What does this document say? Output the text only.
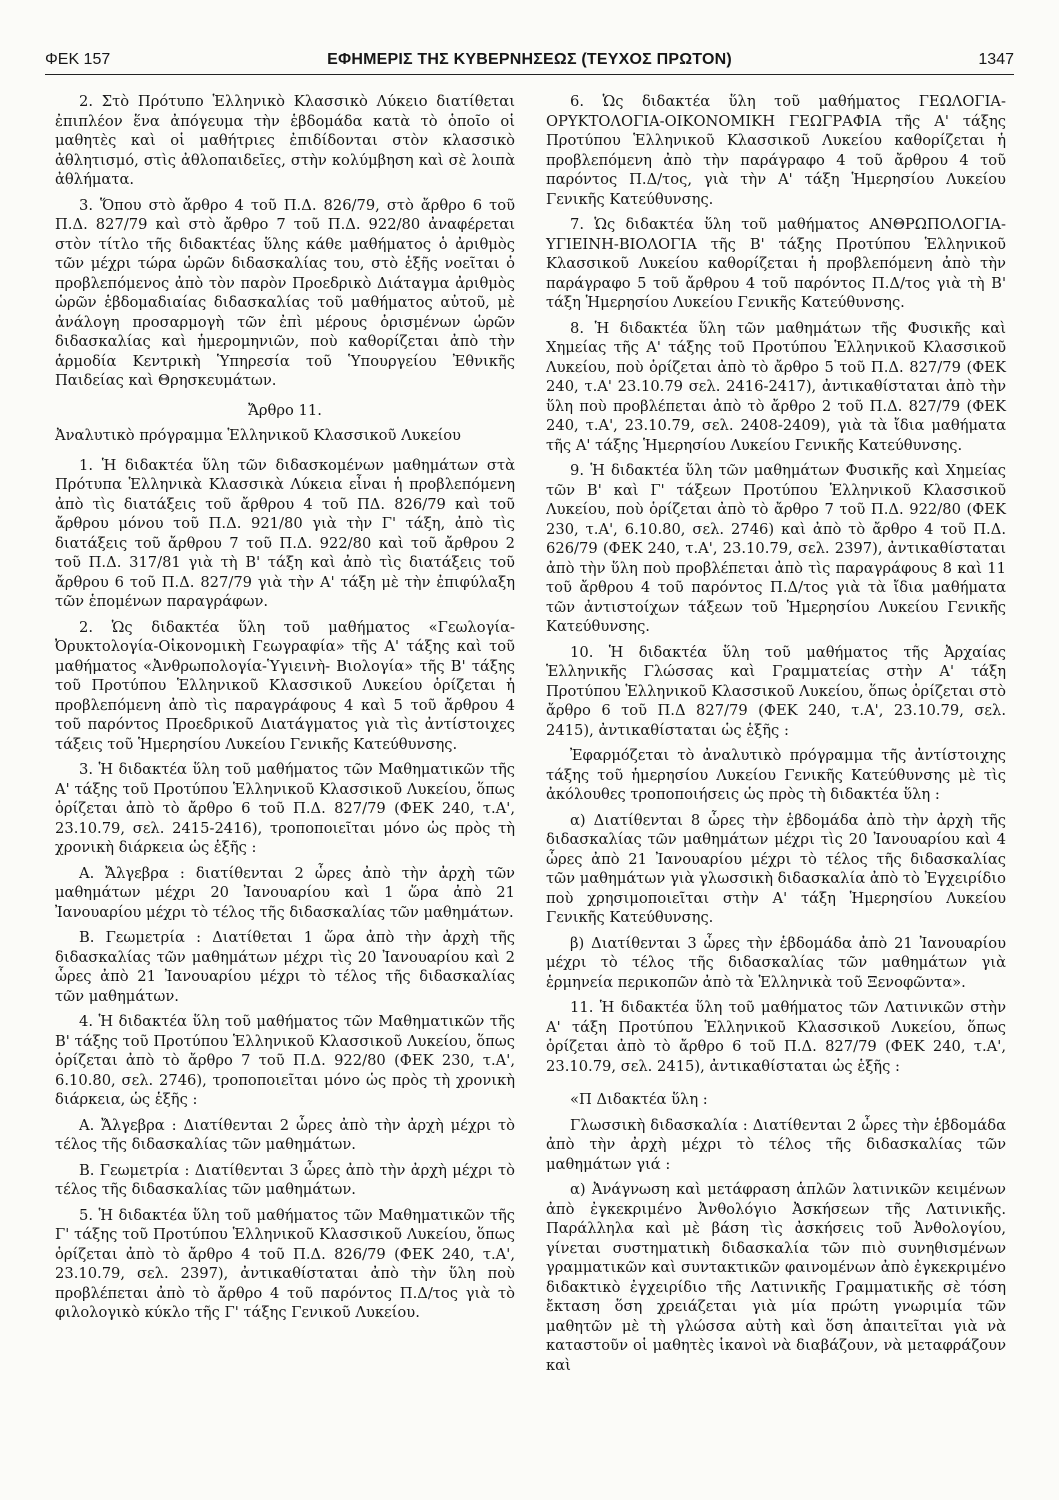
ΦΕΚ 157	ΕΦΗΜΕΡΙΣ ΤΗΣ ΚΥΒΕΡΝΗΣΕΩΣ (ΤΕΥΧΟΣ ΠΡΩΤΟΝ)	1347

2. Στὸ Πρότυπο Ἑλληνικὸ Κλασσικὸ Λύκειο διατίθεται ἐπιπλέον ἕνα ἀπόγευμα τὴν ἑβδομάδα κατὰ τὸ ὁποῖο οἱ μαθητὲς καὶ οἱ μαθήτριες ἐπιδίδονται στὸν κλασσικὸ ἀθλητισμό, στὶς ἀθλοπαιδεῖες, στὴν κολύμβηση καὶ σὲ λοιπὰ ἀθλήματα.

3. Ὅπου στὸ ἄρθρο 4 τοῦ Π.Δ. 826/79, στὸ ἄρθρο 6 τοῦ Π.Δ. 827/79 καὶ στὸ ἄρθρο 7 τοῦ Π.Δ. 922/80 ἀναφέρεται στὸν τίτλο τῆς διδακτέας ὕλης κάθε μαθήματος ὁ ἀριθμὸς τῶν μέχρι τώρα ὡρῶν διδασκαλίας του, στὸ ἑξῆς νοεῖται ὁ προβλεπόμενος ἀπὸ τὸν παρὸν Προεδρικὸ Διάταγμα ἀριθμὸς ὡρῶν ἑβδομαδιαίας διδασκαλίας τοῦ μαθήματος αὐτοῦ, μὲ ἀνάλογη προσαρμογὴ τῶν ἐπὶ μέρους ὁρισμένων ὡρῶν διδασκαλίας καὶ ἡμερομηνιῶν, ποὺ καθορίζεται ἀπὸ τὴν ἁρμοδία Κεντρικὴ Ὑπηρεσία τοῦ Ὑπουργείου Ἐθνικῆς Παιδείας καὶ Θρησκευμάτων.

Ἄρθρο 11.

Ἀναλυτικὸ πρόγραμμα Ἑλληνικοῦ Κλασσικοῦ Λυκείου

1. Ἡ διδακτέα ὕλη τῶν διδασκομένων μαθημάτων στὰ Πρότυπα Ἑλληνικὰ Κλασσικὰ Λύκεια εἶναι ἡ προβλεπόμενη ἀπὸ τὶς διατάξεις τοῦ ἄρθρου 4 τοῦ ΠΔ. 826/79 καὶ τοῦ ἄρθρου μόνου τοῦ Π.Δ. 921/80 γιὰ τὴν Γ' τάξη, ἀπὸ τὶς διατάξεις τοῦ ἄρθρου 7 τοῦ Π.Δ. 922/80 καὶ τοῦ ἄρθρου 2 τοῦ Π.Δ. 317/81 γιὰ τὴ Β' τάξη καὶ ἀπὸ τὶς διατάξεις τοῦ ἄρθρου 6 τοῦ Π.Δ. 827/79 γιὰ τὴν Α' τάξη μὲ τὴν ἐπιφύλαξη τῶν ἑπομένων παραγράφων.

2. Ὡς διδακτέα ὕλη τοῦ μαθήματος «Γεωλογία-Ὀρυκτολογία-Οἰκονομικὴ Γεωγραφία» τῆς Α' τάξης καὶ τοῦ μαθήματος «Ἀνθρωπολογία-Ὑγιεινὴ- Βιολογία» τῆς Β' τάξης τοῦ Προτύπου Ἑλληνικοῦ Κλασσικοῦ Λυκείου ὁρίζεται ἡ προβλεπόμενη ἀπὸ τὶς παραγράφους 4 καὶ 5 τοῦ ἄρθρου 4 τοῦ παρόντος Προεδρικοῦ Διατάγματος γιὰ τὶς ἀντίστοιχες τάξεις τοῦ Ἡμερησίου Λυκείου Γενικῆς Κατεύθυνσης.

3. Ἡ διδακτέα ὕλη τοῦ μαθήματος τῶν Μαθηματικῶν τῆς Α' τάξης τοῦ Προτύπου Ἑλληνικοῦ Κλασσικοῦ Λυκείου, ὅπως ὁρίζεται ἀπὸ τὸ ἄρθρο 6 τοῦ Π.Δ. 827/79 (ΦΕΚ 240, τ.Α', 23.10.79, σελ. 2415-2416), τροποποιεῖται μόνο ὡς πρὸς τὴ χρονικὴ διάρκεια ὡς ἑξῆς :

Α. Ἄλγεβρα : διατίθενται 2 ὧρες ἀπὸ τὴν ἀρχὴ τῶν μαθημάτων μέχρι 20 Ἰανουαρίου καὶ 1 ὥρα ἀπὸ 21 Ἰανουαρίου μέχρι τὸ τέλος τῆς διδασκαλίας τῶν μαθημάτων.

Β. Γεωμετρία : Διατίθεται 1 ὥρα ἀπὸ τὴν ἀρχὴ τῆς διδασκαλίας τῶν μαθημάτων μέχρι τὶς 20 Ἰανουαρίου καὶ 2 ὧρες ἀπὸ 21 Ἰανουαρίου μέχρι τὸ τέλος τῆς διδασκαλίας τῶν μαθημάτων.

4. Ἡ διδακτέα ὕλη τοῦ μαθήματος τῶν Μαθηματικῶν τῆς Β' τάξης τοῦ Προτύπου Ἑλληνικοῦ Κλασσικοῦ Λυκείου, ὅπως ὁρίζεται ἀπὸ τὸ ἄρθρο 7 τοῦ Π.Δ. 922/80 (ΦΕΚ 230, τ.Α', 6.10.80, σελ. 2746), τροποποιεῖται μόνο ὡς πρὸς τὴ χρονικὴ διάρκεια, ὡς ἑξῆς :

Α. Ἄλγεβρα : Διατίθενται 2 ὧρες ἀπὸ τὴν ἀρχὴ μέχρι τὸ τέλος τῆς διδασκαλίας τῶν μαθημάτων.

Β. Γεωμετρία : Διατίθενται 3 ὧρες ἀπὸ τὴν ἀρχὴ μέχρι τὸ τέλος τῆς διδασκαλίας τῶν μαθημάτων.

5. Ἡ διδακτέα ὕλη τοῦ μαθήματος τῶν Μαθηματικῶν τῆς Γ' τάξης τοῦ Προτύπου Ἑλληνικοῦ Κλασσικοῦ Λυκείου, ὅπως ὁρίζεται ἀπὸ τὸ ἄρθρο 4 τοῦ Π.Δ. 826/79 (ΦΕΚ 240, τ.Α', 23.10.79, σελ. 2397), ἀντικαθίσταται ἀπὸ τὴν ὕλη ποὺ προβλέπεται ἀπὸ τὸ ἄρθρο 4 τοῦ παρόντος Π.Δ/τος γιὰ τὸ φιλολογικὸ κύκλο τῆς Γ' τάξης Γενικοῦ Λυκείου.

6. Ὡς διδακτέα ὕλη τοῦ μαθήματος ΓΕΩΛΟΓΙΑ-ΟΡΥΚΤΟΛΟΓΙΑ-ΟΙΚΟΝΟΜΙΚΗ ΓΕΩΓΡΑΦΙΑ τῆς Α' τάξης Προτύπου Ἑλληνικοῦ Κλασσικοῦ Λυκείου καθορίζεται ἡ προβλεπόμενη ἀπὸ τὴν παράγραφο 4 τοῦ ἄρθρου 4 τοῦ παρόντος Π.Δ/τος, γιὰ τὴν Α' τάξη Ἡμερησίου Λυκείου Γενικῆς Κατεύθυνσης.

7. Ὡς διδακτέα ὕλη τοῦ μαθήματος ΑΝΘΡΩΠΟΛΟΓΙΑ-ΥΓΙΕΙΝΗ-ΒΙΟΛΟΓΙΑ τῆς Β' τάξης Προτύπου Ἑλληνικοῦ Κλασσικοῦ Λυκείου καθορίζεται ἡ προβλεπόμενη ἀπὸ τὴν παράγραφο 5 τοῦ ἄρθρου 4 τοῦ παρόντος Π.Δ/τος γιὰ τὴ Β' τάξη Ἡμερησίου Λυκείου Γενικῆς Κατεύθυνσης.

8. Ἡ διδακτέα ὕλη τῶν μαθημάτων τῆς Φυσικῆς καὶ Χημείας τῆς Α' τάξης τοῦ Προτύπου Ἑλληνικοῦ Κλασσικοῦ Λυκείου, ποὺ ὁρίζεται ἀπὸ τὸ ἄρθρο 5 τοῦ Π.Δ. 827/79 (ΦΕΚ 240, τ.Α' 23.10.79 σελ. 2416-2417), ἀντικαθίσταται ἀπὸ τὴν ὕλη ποὺ προβλέπεται ἀπὸ τὸ ἄρθρο 2 τοῦ Π.Δ. 827/79 (ΦΕΚ 240, τ.Α', 23.10.79, σελ. 2408-2409), γιὰ τὰ ἴδια μαθήματα τῆς Α' τάξης Ἡμερησίου Λυκείου Γενικῆς Κατεύθυνσης.

9. Ἡ διδακτέα ὕλη τῶν μαθημάτων Φυσικῆς καὶ Χημείας τῶν Β' καὶ Γ' τάξεων Προτύπου Ἑλληνικοῦ Κλασσικοῦ Λυκείου, ποὺ ὁρίζεται ἀπὸ τὸ ἄρθρο 7 τοῦ Π.Δ. 922/80 (ΦΕΚ 230, τ.Α', 6.10.80, σελ. 2746) καὶ ἀπὸ τὸ ἄρθρο 4 τοῦ Π.Δ. 626/79 (ΦΕΚ 240, τ.Α', 23.10.79, σελ. 2397), ἀντικαθίσταται ἀπὸ τὴν ὕλη ποὺ προβλέπεται ἀπὸ τὶς παραγράφους 8 καὶ 11 τοῦ ἄρθρου 4 τοῦ παρόντος Π.Δ/τος γιὰ τὰ ἴδια μαθήματα τῶν ἀντιστοίχων τάξεων τοῦ Ἡμερησίου Λυκείου Γενικῆς Κατεύθυνσης.

10. Ἡ διδακτέα ὕλη τοῦ μαθήματος τῆς Ἀρχαίας Ἑλληνικῆς Γλώσσας καὶ Γραμματείας στὴν Α' τάξη Προτύπου Ἑλληνικοῦ Κλασσικοῦ Λυκείου, ὅπως ὁρίζεται στὸ ἄρθρο 6 τοῦ Π.Δ 827/79 (ΦΕΚ 240, τ.Α', 23.10.79, σελ. 2415), ἀντικαθίσταται ὡς ἑξῆς :

Ἐφαρμόζεται τὸ ἀναλυτικὸ πρόγραμμα τῆς ἀντίστοιχης τάξης τοῦ ἡμερησίου Λυκείου Γενικῆς Κατεύθυνσης μὲ τὶς ἀκόλουθες τροποποιήσεις ὡς πρὸς τὴ διδακτέα ὕλη :

α) Διατίθενται 8 ὧρες τὴν ἑβδομάδα ἀπὸ τὴν ἀρχὴ τῆς διδασκαλίας τῶν μαθημάτων μέχρι τὶς 20 Ἰανουαρίου καὶ 4 ὧρες ἀπὸ 21 Ἰανουαρίου μέχρι τὸ τέλος τῆς διδασκαλίας τῶν μαθημάτων γιὰ γλωσσικὴ διδασκαλία ἀπὸ τὸ Ἐγχειρίδιο ποὺ χρησιμοποιεῖται στὴν Α' τάξη Ἡμερησίου Λυκείου Γενικῆς Κατεύθυνσης.

β) Διατίθενται 3 ὧρες τὴν ἑβδομάδα ἀπὸ 21 Ἰανουαρίου μέχρι τὸ τέλος τῆς διδασκαλίας τῶν μαθημάτων γιὰ ἑρμηνεία περικοπῶν ἀπὸ τὰ Ἑλληνικὰ τοῦ Ξενοφῶντα».

11. Ἡ διδακτέα ὕλη τοῦ μαθήματος τῶν Λατινικῶν στὴν Α' τάξη Προτύπου Ἑλληνικοῦ Κλασσικοῦ Λυκείου, ὅπως ὁρίζεται ἀπὸ τὸ ἄρθρο 6 τοῦ Π.Δ. 827/79 (ΦΕΚ 240, τ.Α', 23.10.79, σελ. 2415), ἀντικαθίσταται ὡς ἑξῆς :

«Π Διδακτέα ὕλη :

Γλωσσικὴ διδασκαλία : Διατίθενται 2 ὧρες τὴν ἑβδομάδα ἀπὸ τὴν ἀρχὴ μέχρι τὸ τέλος τῆς διδασκαλίας τῶν μαθημάτων γιά :

α) Ἀνάγνωση καὶ μετάφραση ἁπλῶν λατινικῶν κειμένων ἀπὸ ἐγκεκριμένο Ἀνθολόγιο Ἀσκήσεων τῆς Λατινικῆς. Παράλληλα καὶ μὲ βάση τὶς ἀσκήσεις τοῦ Ἀνθολογίου, γίνεται συστηματικὴ διδασκαλία τῶν πιὸ συνηθισμένων γραμματικῶν καὶ συντακτικῶν φαινομένων ἀπὸ ἐγκεκριμένο διδακτικὸ ἐγχειρίδιο τῆς Λατινικῆς Γραμματικῆς σὲ τόση ἔκταση ὅση χρειάζεται γιὰ μία πρώτη γνωριμία τῶν μαθητῶν μὲ τὴ γλώσσα αὐτὴ καὶ ὅση ἀπαιτεῖται γιὰ νὰ καταστοῦν οἱ μαθητὲς ἱκανοὶ νὰ διαβάζουν, νὰ μεταφράζουν καὶ
